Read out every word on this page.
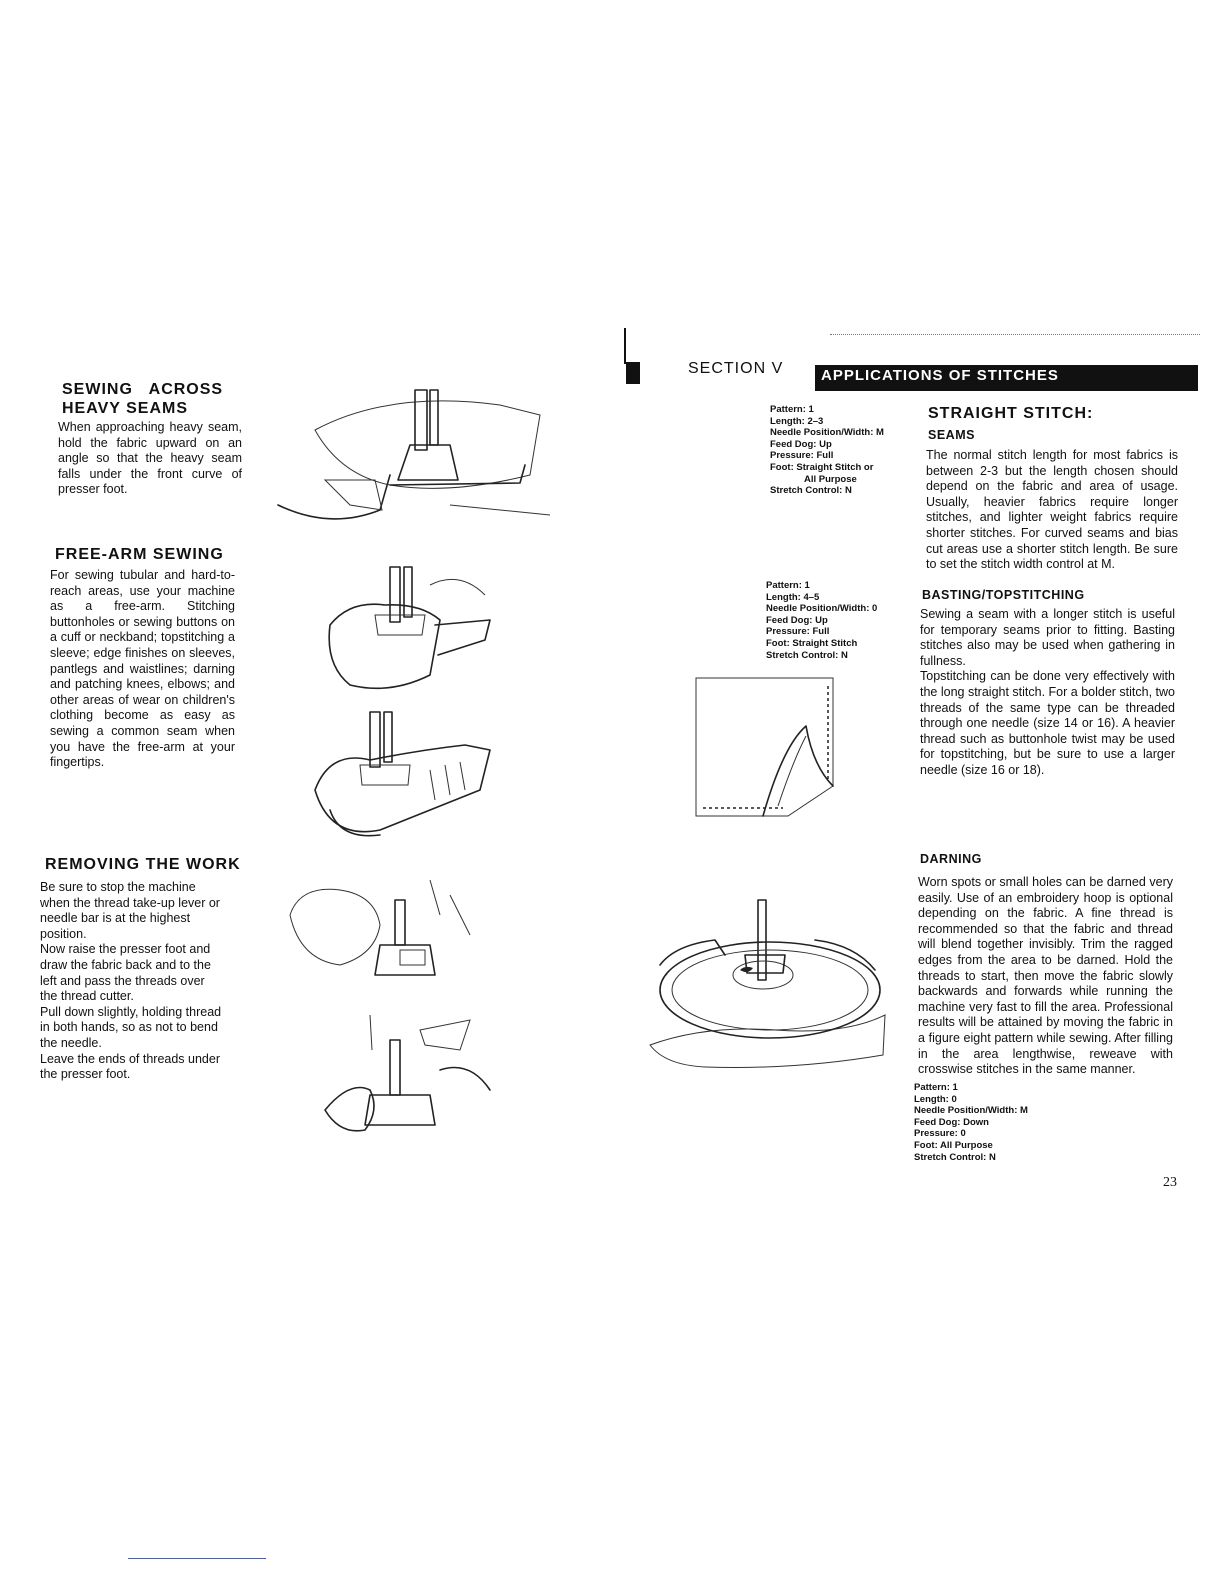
SEWING   ACROSS
HEAVY SEAMS
When approaching heavy seam, hold the fabric upward on an angle so that the heavy seam falls under the front curve of presser foot.
FREE-ARM SEWING
For sewing tubular and hard-to-reach areas, use your machine as a free-arm. Stitching buttonholes or sewing buttons on a cuff or neckband; topstitching a sleeve; edge finishes on sleeves, pantlegs and waistlines; darning and patching knees, elbows; and other areas of wear on children's clothing become as easy as sewing a common seam when you have the free-arm at your fingertips.
REMOVING THE WORK

Be sure to stop the machine when the thread take-up lever or needle bar is at the highest position.

Now raise the presser foot and draw the fabric back and to the left and pass the threads over the thread cutter.

Pull down slightly, holding thread in both hands, so as not to bend the needle.

Leave the ends of threads under the presser foot.

SECTION V	APPLICATIONS OF STITCHES
Pattern: 1
Length: 2–3
Needle Position/Width: M
Feed Dog: Up
Pressure: Full
Foot: Straight Stitch or
All Purpose
Stretch Control: N
STRAIGHT STITCH:
SEAMS
The normal stitch length for most fabrics is between 2-3 but the length chosen should depend on the fabric and area of usage. Usually, heavier fabrics require longer stitches, and lighter weight fabrics require shorter stitches. For curved seams and bias cut areas use a shorter stitch length. Be sure to set the stitch width control at M.
Pattern: 1
Length: 4–5
Needle Position/Width: 0
Feed Dog: Up
Pressure: Full
Foot: Straight Stitch
Stretch Control: N
BASTING/TOPSTITCHING

Sewing a seam with a longer stitch is useful for temporary seams prior to fitting. Basting stitches also may be used when gathering in fullness.

Topstitching can be done very effectively with the long straight stitch. For a bolder stitch, two threads of the same type can be threaded through one needle (size 14 or 16). A heavier thread such as buttonhole twist may be used for topstitching, but be sure to use a larger needle (size 16 or 18).

DARNING
Worn spots or small holes can be darned very easily. Use of an embroidery hoop is optional depending on the fabric. A fine thread is recommended so that the fabric and thread will blend together invisibly. Trim the ragged edges from the area to be darned. Hold the threads to start, then move the fabric slowly backwards and forwards while running the machine very fast to fill the area. Professional results will be attained by moving the fabric in a figure eight pattern while sewing. After filling in the area lengthwise, reweave with crosswise stitches in the same manner.
Pattern: 1
Length: 0
Needle Position/Width: M
Feed Dog: Down
Pressure: 0
Foot: All Purpose
Stretch Control: N
23
